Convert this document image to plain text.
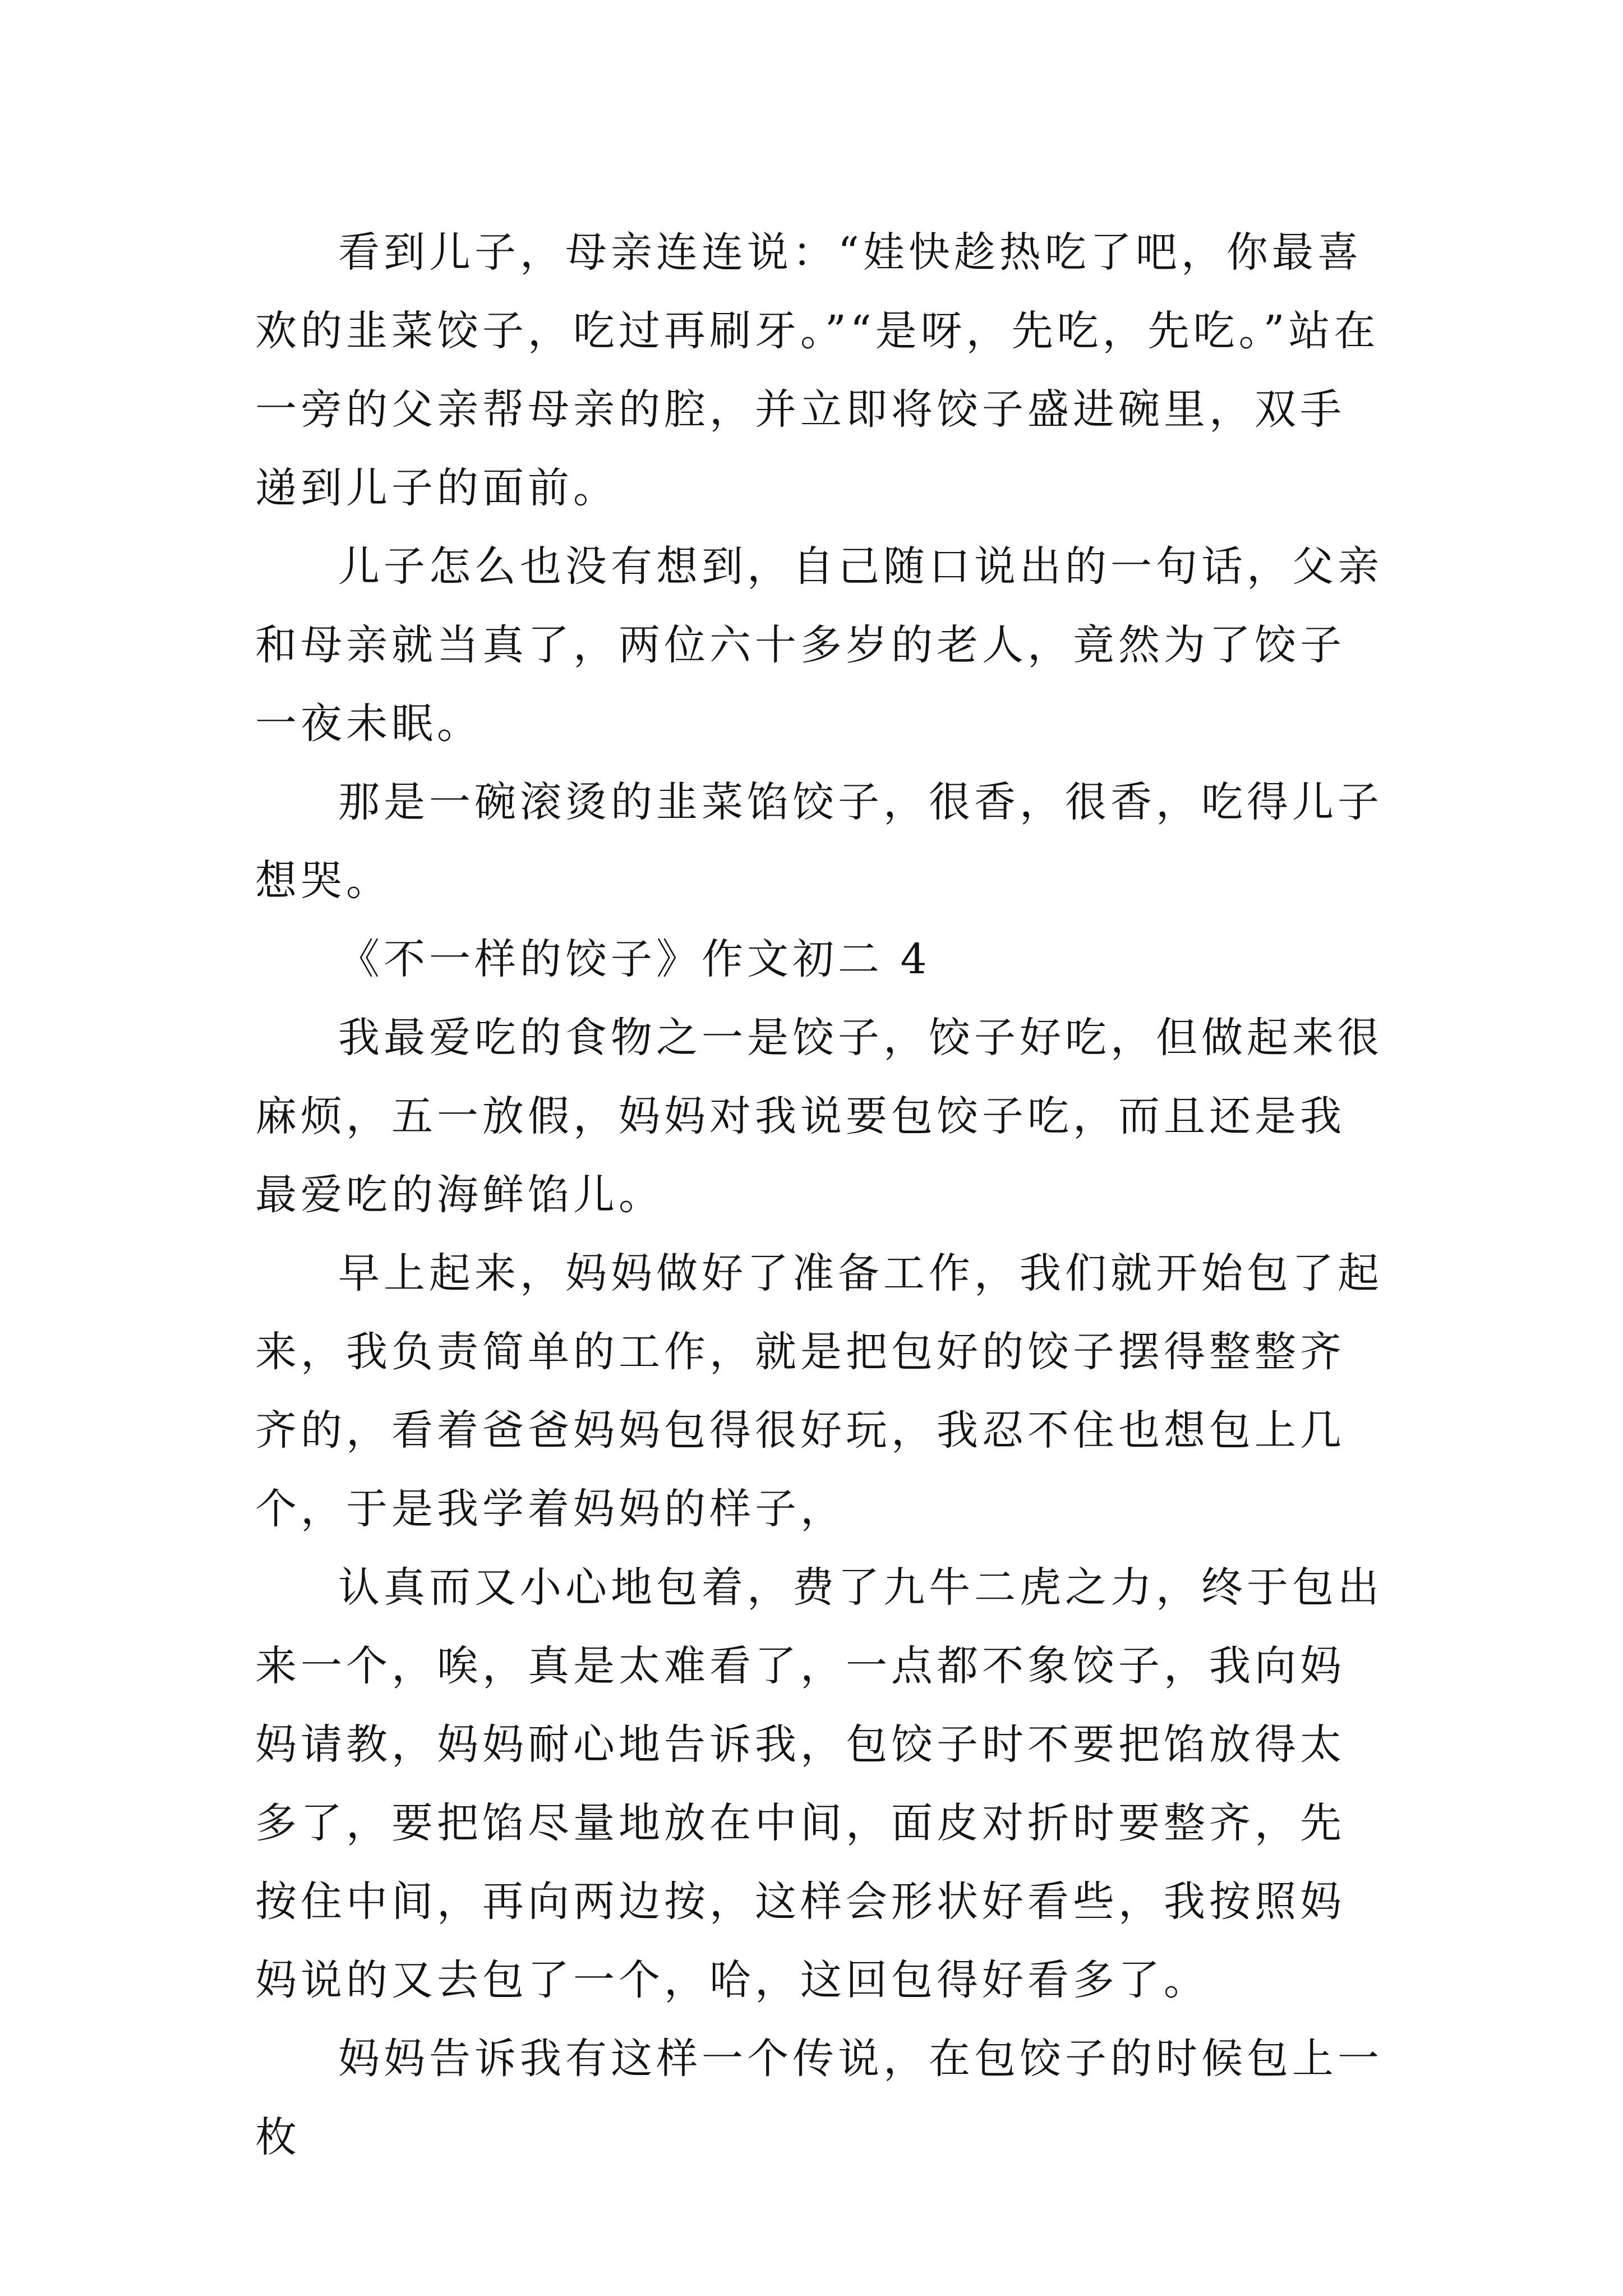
看到儿子，母亲连连说：“娃快趁热吃了吧，你最喜欢的韭菜饺子，吃过再刷牙。”“是呀，先吃，先吃。”站在一旁的父亲帮母亲的腔，并立即将饺子盛进碗里，双手递到儿子的面前。

儿子怎么也没有想到，自己随口说出的一句话，父亲和母亲就当真了，两位六十多岁的老人，竟然为了饺子一夜未眠。

那是一碗滚烫的韭菜馅饺子，很香，很香，吃得儿子想哭。

《不一样的饺子》作文初二 4

我最爱吃的食物之一是饺子，饺子好吃，但做起来很麻烦，五一放假，妈妈对我说要包饺子吃，而且还是我最爱吃的海鲜馅儿。

早上起来，妈妈做好了准备工作，我们就开始包了起来，我负责简单的工作，就是把包好的饺子摆得整整齐齐的，看着爸爸妈妈包得很好玩，我忍不住也想包上几个，于是我学着妈妈的样子，

认真而又小心地包着，费了九牛二虎之力，终于包出来一个，唉，真是太难看了，一点都不象饺子，我向妈妈请教，妈妈耐心地告诉我，包饺子时不要把馅放得太多了，要把馅尽量地放在中间，面皮对折时要整齐，先按住中间，再向两边按，这样会形状好看些，我按照妈妈说的又去包了一个，哈，这回包得好看多了。

妈妈告诉我有这样一个传说，在包饺子的时候包上一枚
